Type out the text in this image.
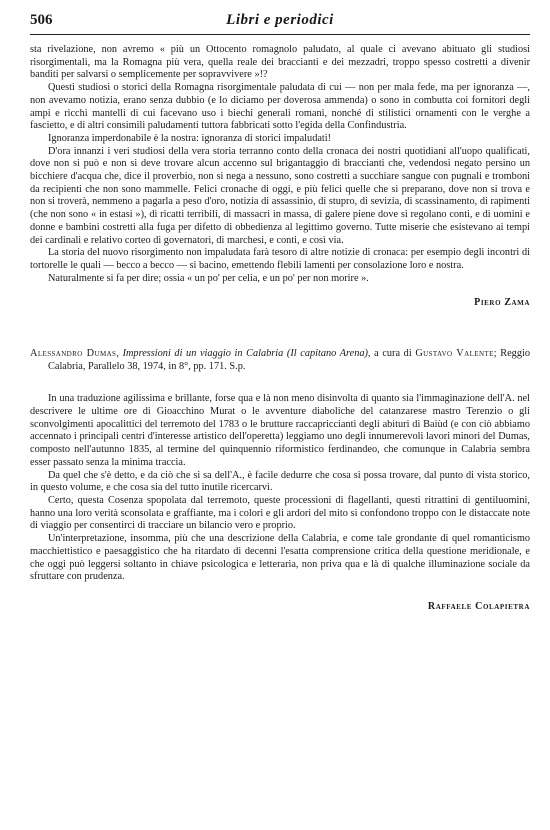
506	Libri e periodici

sta rivelazione, non avremo « più un Ottocento romagnolo paludato, al quale ci avevano abituato gli studiosi risorgimentali, ma la Romagna più vera, quella reale dei braccianti e dei mezzadri, troppo spesso costretti a divenir banditi per salvarsi o semplicemente per sopravvivere »!?

Questi studiosi o storici della Romagna risorgimentale paludata di cui — non per mala fede, ma per ignoranza —, non avevamo notizia, erano senza dubbio (e lo diciamo per doverosa ammenda) o sono in combutta coi fornitori degli ampi e ricchi mantelli di cui facevano uso i biechi generali romani, nonché di stilistici ornamenti con le verghe a fascietto, e di altri consimili paludamenti tuttora fabbricati sotto l'egida della Confindustria.

Ignoranza imperdonabile è la nostra: ignoranza di storici impaludati!

D'ora innanzi i veri studiosi della vera storia terranno conto della cronaca dei nostri quotidiani all'uopo qualificati, dove non si può e non si deve trovare alcun accenno sul brigantaggio di braccianti che, vedendosi negato persino un bicchiere d'acqua che, dice il proverbio, non si nega a nessuno, sono costretti a succhiare sangue con pugnali e tromboni da recipienti che non sono mammelle. Felici cronache di oggi, e più felici quelle che si preparano, dove non si trova e non si troverà, nemmeno a pagarla a peso d'oro, notizia di assassinio, di stupro, di sevizia, di scassinamento, di rapimenti (che non sono « in estasi »), di ricatti terribili, di massacri in massa, di galere piene dove si regolano conti, e di uomini e donne e bambini costretti alla fuga per difetto di obbedienza al legittimo governo. Tutte miserie che esistevano ai tempi dei cardinali e relativo corteo di governatori, di marchesi, e conti, e così via.

La storia del nuovo risorgimento non impaludata farà tesoro di altre notizie di cronaca: per esempio degli incontri di tortorelle le quali — becco a becco — si bacino, emettendo flebili lamenti per consolazione loro e nostra.

Naturalmente si fa per dire; ossia « un po' per celia, e un po' per non morire ».

Piero Zama
Alessandro Dumas, Impressioni di un viaggio in Calabria (Il capitano Arena), a cura di Gustavo Valente; Reggio Calabria, Parallelo 38, 1974, in 8°, pp. 171. S.p.

In una traduzione agilissima e brillante, forse qua e là non meno disinvolta di quanto sia l'immaginazione dell'A. nel descrivere le ultime ore di Gioacchino Murat o le avventure diaboliche del catanzarese mastro Terenzio o gli sconvolgimenti apocalittici del terremoto del 1783 o le brutture raccapriccianti degli abituri di Baiùd (e con ciò abbiamo accennato i principali centri d'interesse artistico dell'operetta) leggiamo uno degli innumerevoli lavori minori del Dumas, composto nell'autunno 1835, al termine del quinquennio riformistico ferdinandeo, che comunque in Calabria sembra esser passato senza la minima traccia.

Da quel che s'è detto, e da ciò che si sa dell'A., è facile dedurre che cosa si possa trovare, dal punto di vista storico, in questo volume, e che cosa sia del tutto inutile ricercarvi.

Certo, questa Cosenza spopolata dal terremoto, queste processioni di flagellanti, questi ritrattini di gentiluomini, hanno una loro verità sconsolata e graffiante, ma i colori e gli ardori del mito si confondono troppo con le distaccate note di viaggio per consentirci di tracciare un bilancio vero e proprio.

Un'interpretazione, insomma, più che una descrizione della Calabria, e come tale grondante di quel romanticismo macchiettistico e paesaggistico che ha ritardato di decenni l'esatta comprensione critica della questione meridionale, e che oggi può leggersi soltanto in chiave psicologica e letteraria, non priva qua e là di qualche illuminazione sociale da sfruttare con prudenza.

Raffaele Colapietra
